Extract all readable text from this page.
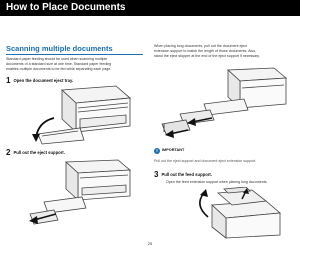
How to Place Documents
Scanning multiple documents
Standard paper feeding should be used when scanning multiple
documents of a standard size at one time. Standard paper feeding
enables multiple documents to be fed while separating each page.
1 Open the document eject tray.
2 Pull out the eject support.
When placing long documents, pull out the document eject
extension support to match the length of those documents. Also,
stand the eject stopper at the end of the eject support if necessary.
! IMPORTANT
Pull out the eject support and document eject extension support.
3 Pull out the feed support.
Open the feed extension support when placing long documents.
25
